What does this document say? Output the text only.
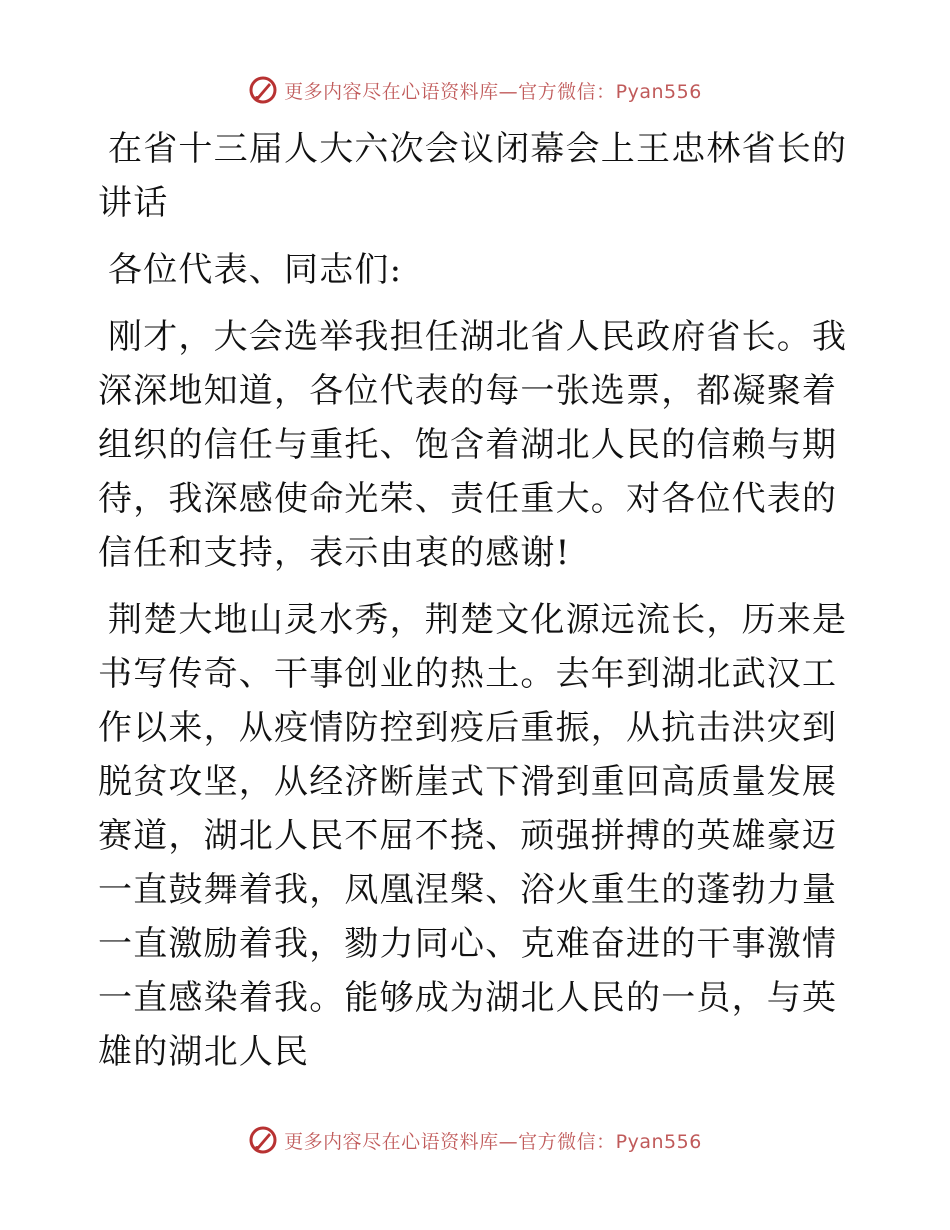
更多内容尽在心语资料库—官方微信：Pyan556

在省十三届人大六次会议闭幕会上王忠林省长的讲话

各位代表、同志们:

刚才，大会选举我担任湖北省人民政府省长。我深深地知道，各位代表的每一张选票，都凝聚着组织的信任与重托、饱含着湖北人民的信赖与期待，我深感使命光荣、责任重大。对各位代表的信任和支持，表示由衷的感谢!

荆楚大地山灵水秀，荆楚文化源远流长，历来是书写传奇、干事创业的热土。去年到湖北武汉工作以来，从疫情防控到疫后重振，从抗击洪灾到脱贫攻坚，从经济断崖式下滑到重回高质量发展赛道，湖北人民不屈不挠、顽强拼搏的英雄豪迈一直鼓舞着我，凤凰涅槃、浴火重生的蓬勃力量一直激励着我，勠力同心、克难奋进的干事激情一直感染着我。能够成为湖北人民的一员，与英雄的湖北人民

更多内容尽在心语资料库—官方微信：Pyan556
